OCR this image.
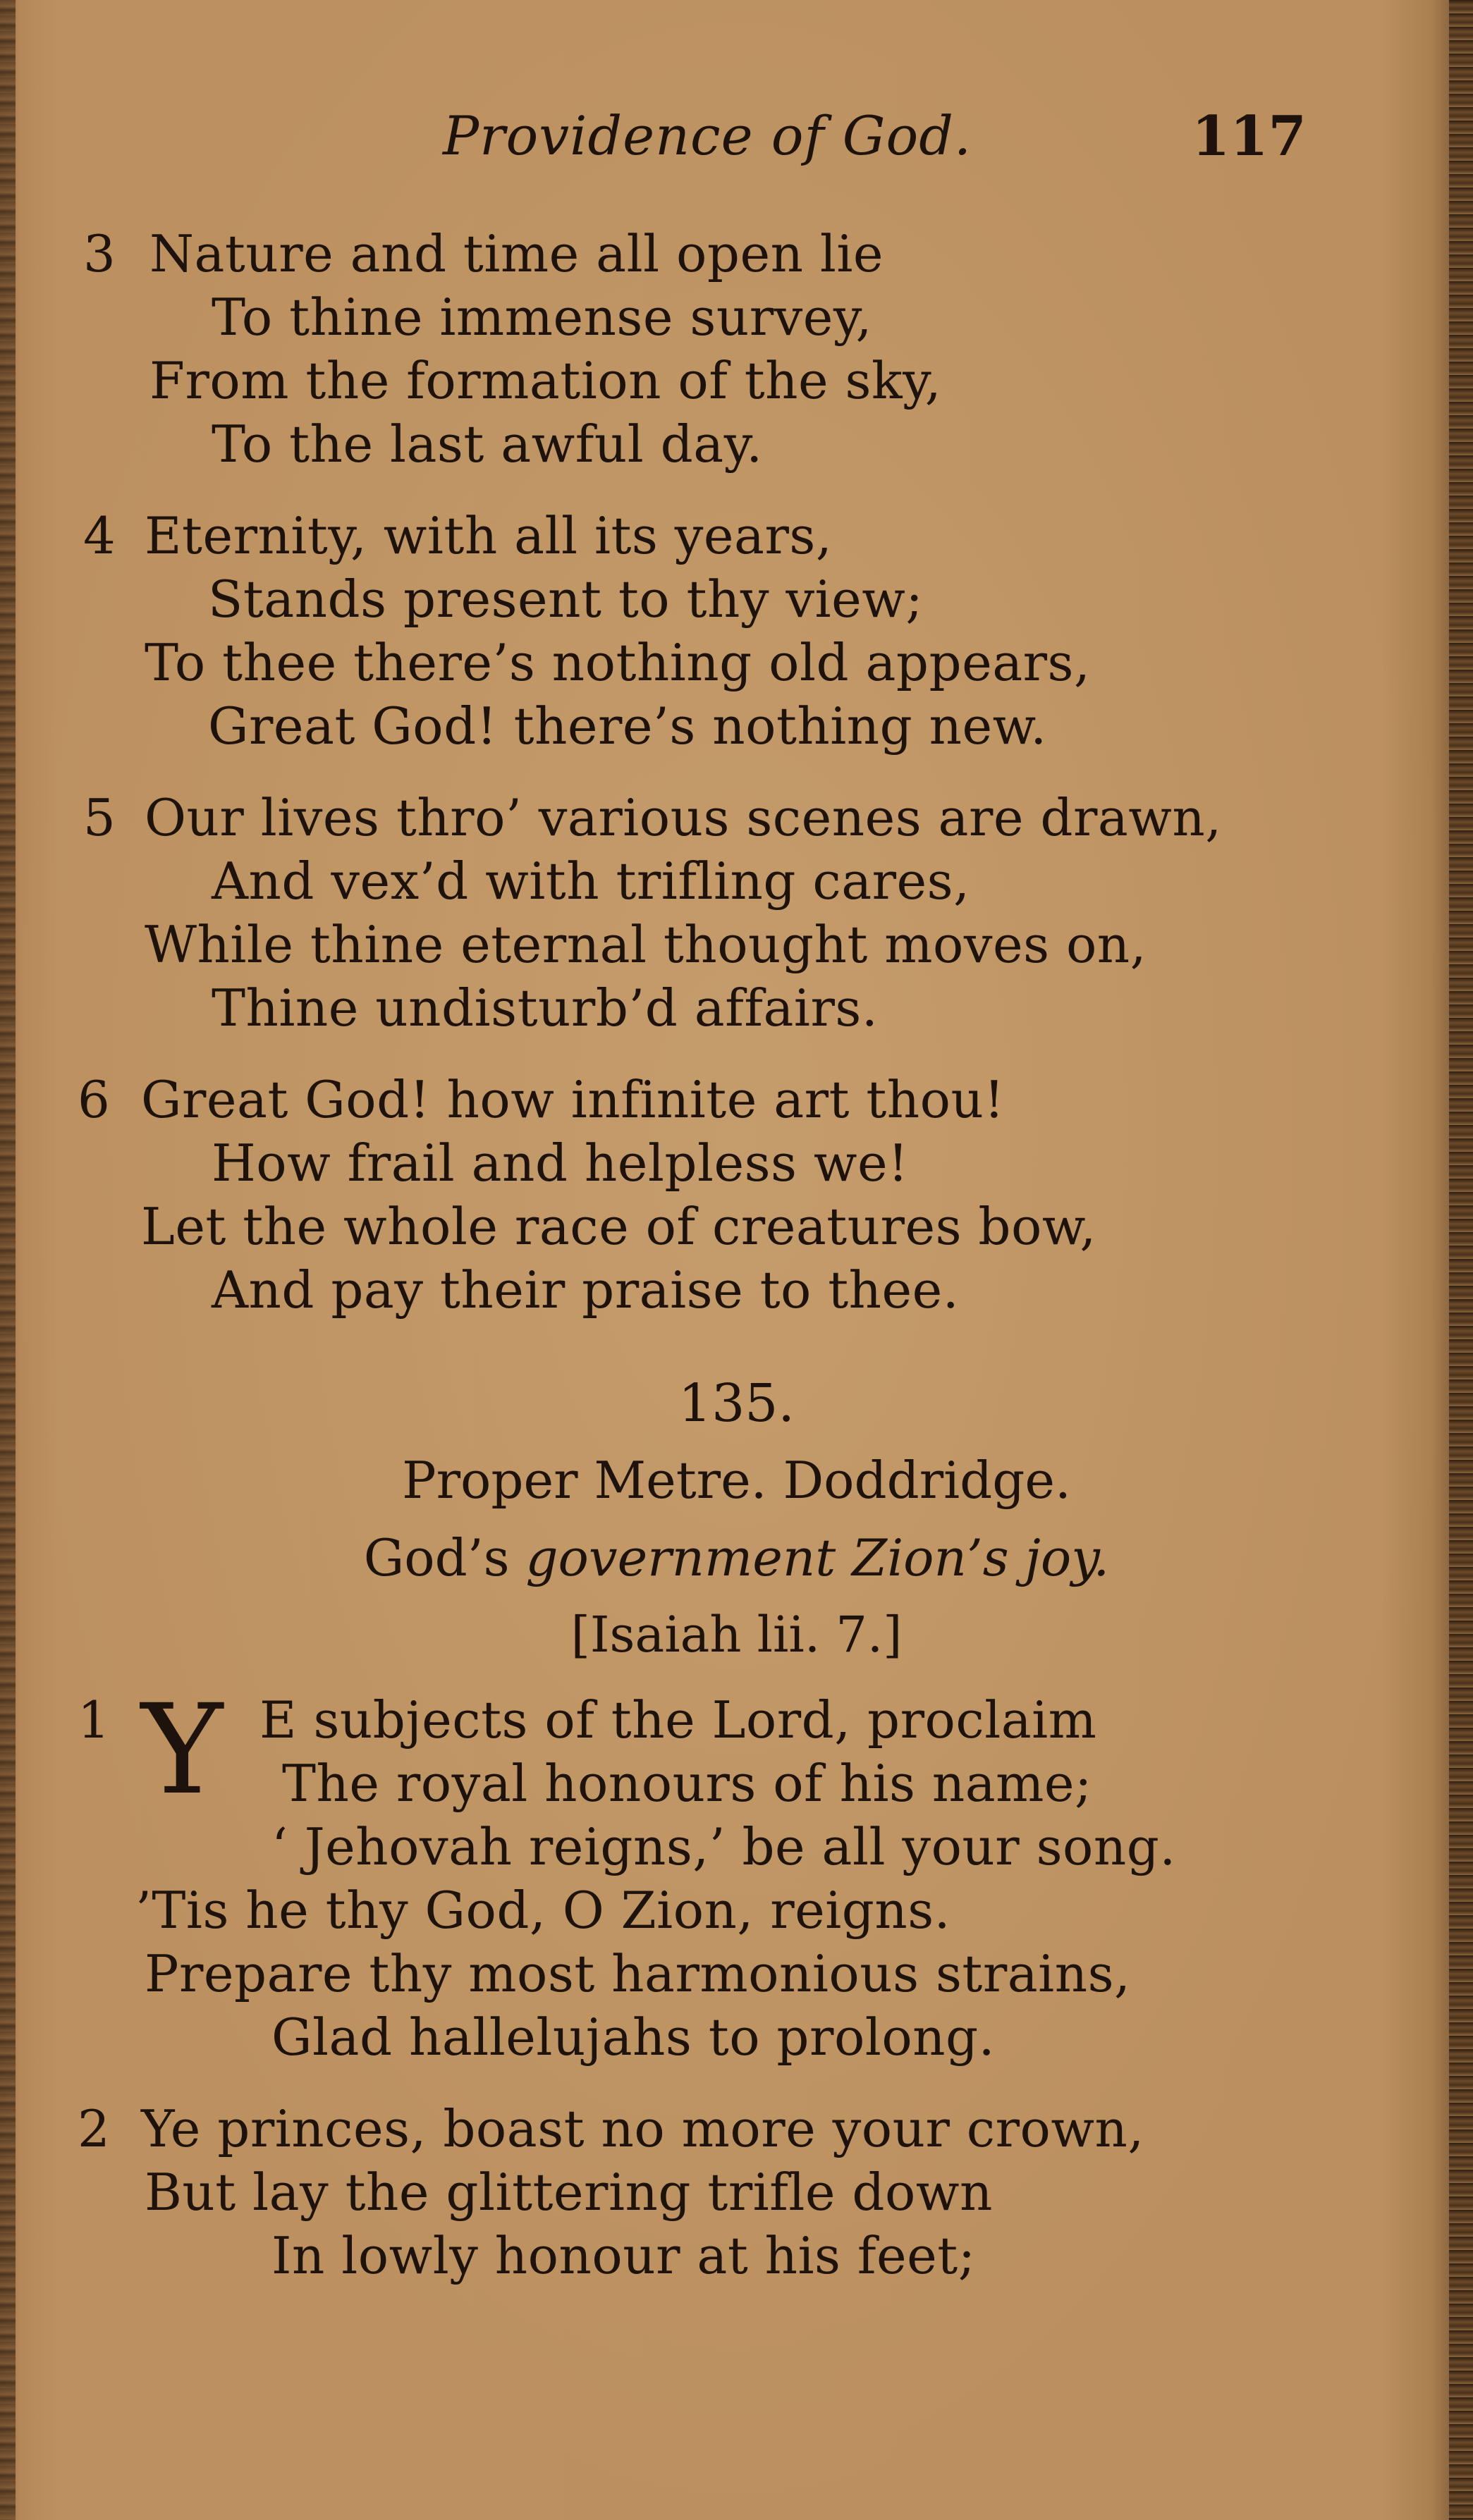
Providence of God.	117
3 Nature and time all open lie
To thine immense survey,
From the formation of the sky,
To the last awful day.
4 Eternity, with all its years,
Stands present to thy view;
To thee there’s nothing old appears,
Great God! there’s nothing new.
5 Our lives thro’ various scenes are drawn,
And vex’d with trifling cares,
While thine eternal thought moves on,
Thine undisturb’d affairs.
6 Great God! how infinite art thou!
How frail and helpless we!
Let the whole race of creatures bow,
And pay their praise to thee.
135.
Proper Metre. Doddridge.
God’s government Zion’s joy.
[Isaiah lii. 7.]
1 Y E subjects of the Lord, proclaim
The royal honours of his name;
‘ Jehovah reigns,’ be all your song.
’Tis he thy God, O Zion, reigns.
Prepare thy most harmonious strains,
Glad hallelujahs to prolong.
2 Ye princes, boast no more your crown,
But lay the glittering trifle down
In lowly honour at his feet;
